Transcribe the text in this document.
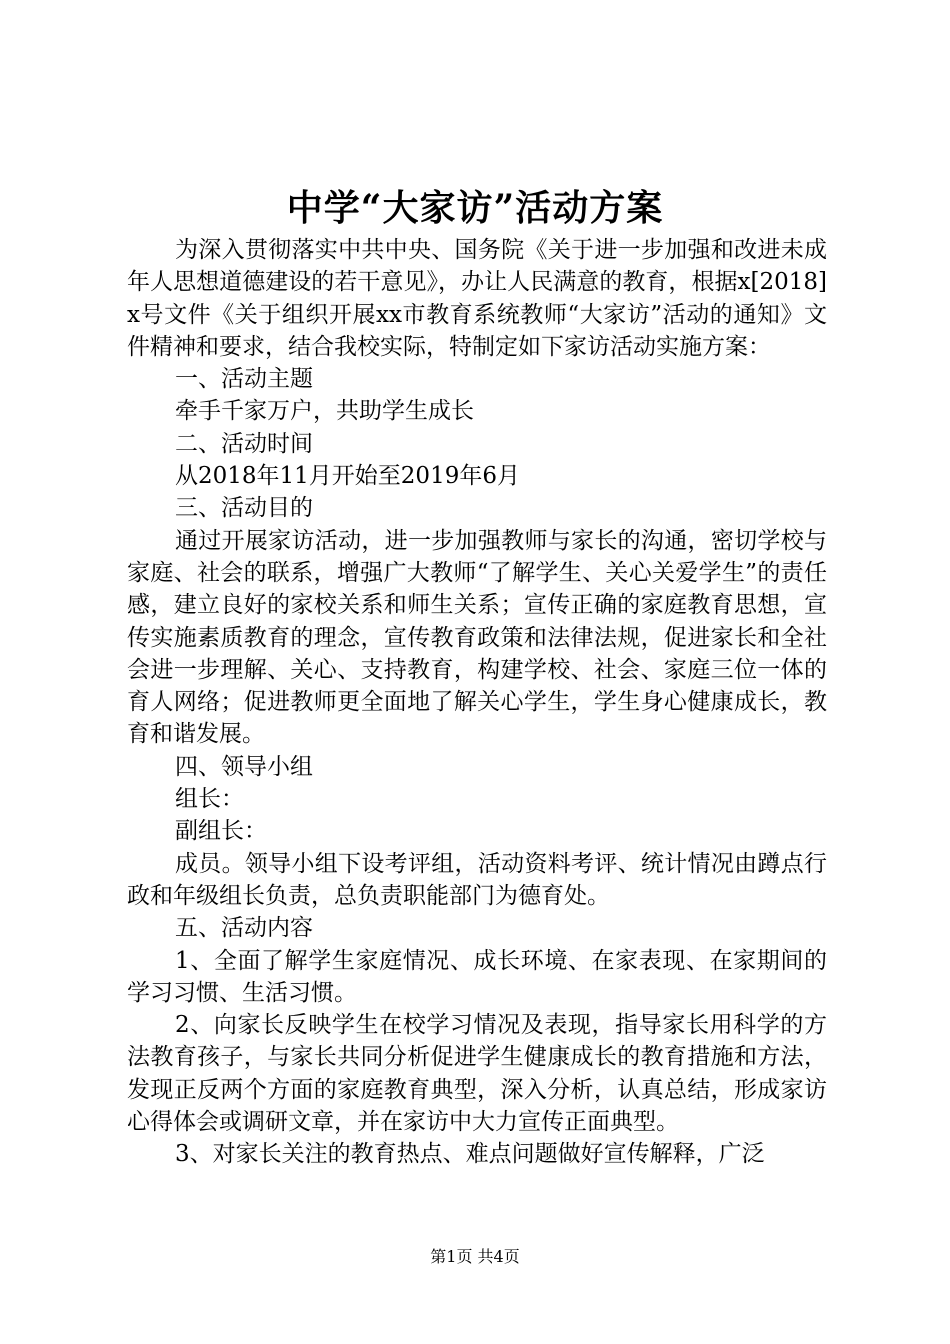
中学“大家访”活动方案

为深入贯彻落实中共中央、国务院《关于进一步加强和改进未成年人思想道德建设的若干意见》，办让人民满意的教育，根据x[2018]x号文件《关于组织开展xx市教育系统教师“大家访”活动的通知》文件精神和要求，结合我校实际，特制定如下家访活动实施方案：

一、活动主题

牵手千家万户，共助学生成长

二、活动时间

从2018年11月开始至2019年6月

三、活动目的

通过开展家访活动，进一步加强教师与家长的沟通，密切学校与家庭、社会的联系，增强广大教师“了解学生、关心关爱学生”的责任感，建立良好的家校关系和师生关系；宣传正确的家庭教育思想，宣传实施素质教育的理念，宣传教育政策和法律法规，促进家长和全社会进一步理解、关心、支持教育，构建学校、社会、家庭三位一体的育人网络；促进教师更全面地了解关心学生，学生身心健康成长，教育和谐发展。

四、领导小组

组长：

副组长：

成员。领导小组下设考评组，活动资料考评、统计情况由蹲点行政和年级组长负责，总负责职能部门为德育处。

五、活动内容

1、全面了解学生家庭情况、成长环境、在家表现、在家期间的学习习惯、生活习惯。

2、向家长反映学生在校学习情况及表现，指导家长用科学的方法教育孩子，与家长共同分析促进学生健康成长的教育措施和方法，发现正反两个方面的家庭教育典型，深入分析，认真总结，形成家访心得体会或调研文章，并在家访中大力宣传正面典型。

3、对家长关注的教育热点、难点问题做好宣传解释，广泛

第1页 共4页
